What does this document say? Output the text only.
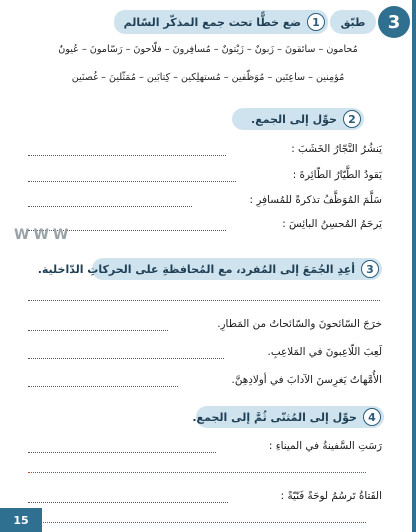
3
طبّق
1
ضع خطًّا تحت جمع المذكّر السّالم
مُحامون – سائقونَ – زَبونٌ – زَيْتونٌ – مُسافِرونَ – فلّاحونَ – رَسّامونَ – عُيونٌ
مُؤمِنين – ساعِتَين – مُوَظّفين – مُستهلِكين – كِتابَين – مُمَثّلينَ – غُصنَين
2
حوِّل إلى الجمع.
يَنشُرُ النَّجّارُ الخَشَبَ :
يَقودُ الطَّيّارُ الطّائِرةَ :
سَلَّمَ المُوَظَّفُ تذكرةً للمُسافِرِ :
يَرحَمُ المُحسِنُ البائِسَ :
WWW
3
أعِدِ الجُمَعَ إلى المُفرد، مع المُحافظةِ على الحركاتِ الدّاخلية.
خرَجَ السّائحونَ والسّائحاتُ من المَطارِ.
لَعِبَ اللّاعِبونَ في المَلاعِبِ.
الأُمَّهاتُ يَغرِسنَ الآدابَ في أولادِهِنَّ.
4
حوِّل إلى المُثنّى ثُمَّ إلى الجمع.
رَسَتِ السَّفينةُ في الميناءِ :
الفَتاةُ تَرسُمُ لوحَةً فَنّيّةً :
15
